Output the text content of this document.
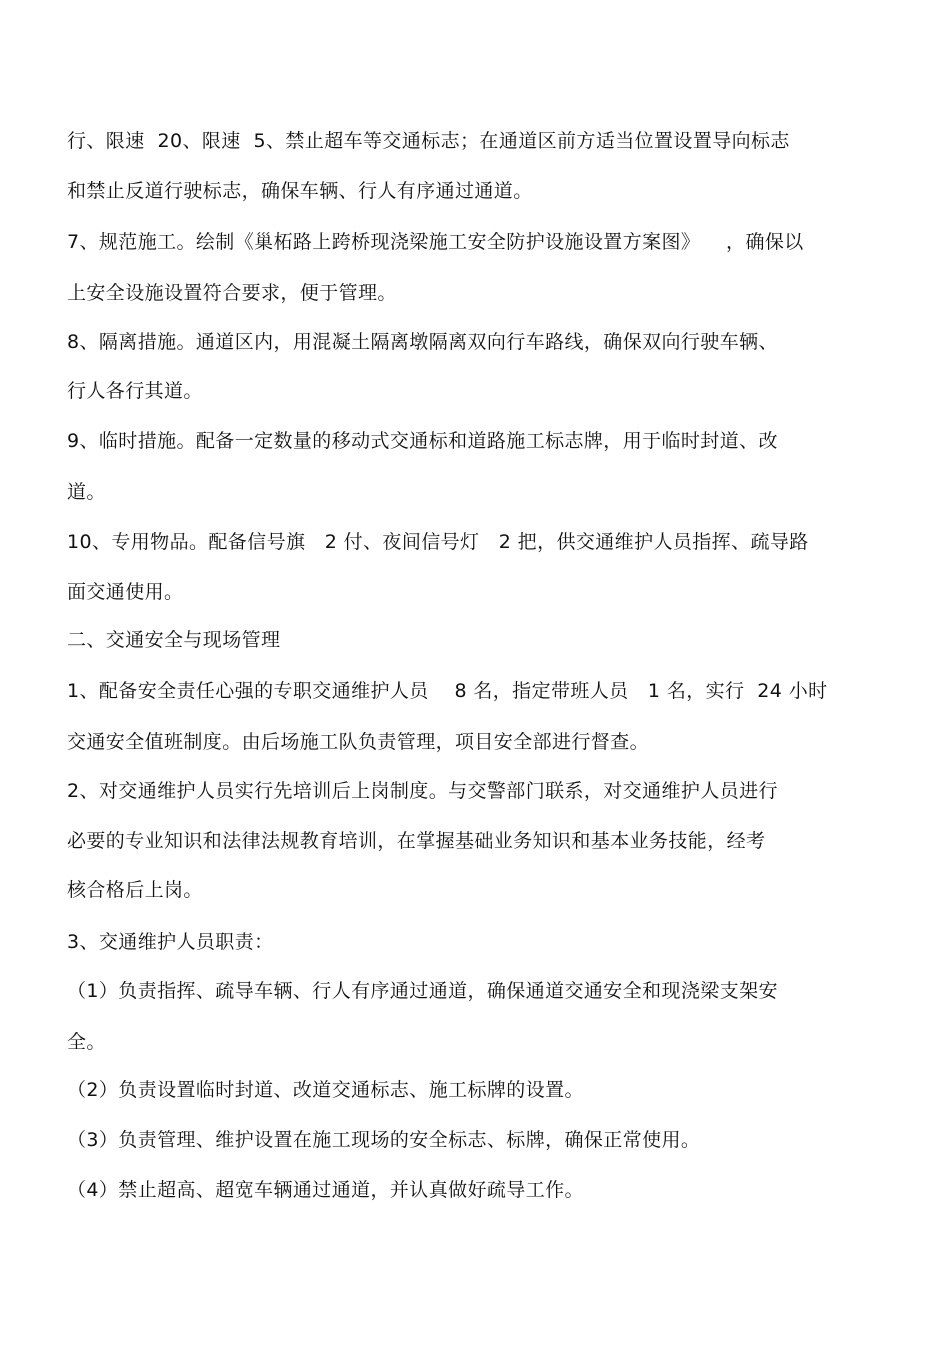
行、限速  20、限速  5、禁止超车等交通标志；在通道区前方适当位置设置导向标志
和禁止反道行驶标志，确保车辆、行人有序通过通道。
7、规范施工。绘制《巢柘路上跨桥现浇梁施工安全防护设施设置方案图》    ，确保以
上安全设施设置符合要求，便于管理。
8、隔离措施。通道区内，用混凝土隔离墩隔离双向行车路线，确保双向行驶车辆、
行人各行其道。
9、临时措施。配备一定数量的移动式交通标和道路施工标志牌，用于临时封道、改
道。
10、专用物品。配备信号旗   2 付、夜间信号灯   2 把，供交通维护人员指挥、疏导路
面交通使用。
二、交通安全与现场管理
1、配备安全责任心强的专职交通维护人员    8 名，指定带班人员   1 名，实行  24 小时
交通安全值班制度。由后场施工队负责管理，项目安全部进行督查。
2、对交通维护人员实行先培训后上岗制度。与交警部门联系，对交通维护人员进行
必要的专业知识和法律法规教育培训，在掌握基础业务知识和基本业务技能，经考
核合格后上岗。
3、交通维护人员职责：
（1）负责指挥、疏导车辆、行人有序通过通道，确保通道交通安全和现浇梁支架安
全。
（2）负责设置临时封道、改道交通标志、施工标牌的设置。
（3）负责管理、维护设置在施工现场的安全标志、标牌，确保正常使用。
（4）禁止超高、超宽车辆通过通道，并认真做好疏导工作。
